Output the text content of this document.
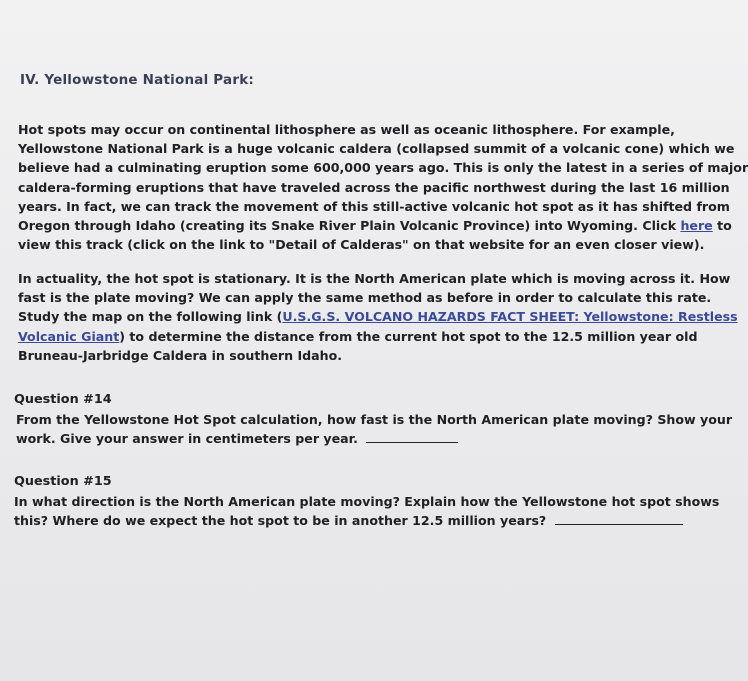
IV. Yellowstone National Park:
Hot spots may occur on continental lithosphere as well as oceanic lithosphere. For example,
Yellowstone National Park is a huge volcanic caldera (collapsed summit of a volcanic cone) which we
believe had a culminating eruption some 600,000 years ago. This is only the latest in a series of major
caldera-forming eruptions that have traveled across the pacific northwest during the last 16 million
years. In fact, we can track the movement of this still-active volcanic hot spot as it has shifted from
Oregon through Idaho (creating its Snake River Plain Volcanic Province) into Wyoming. Click here to
view this track (click on the link to "Detail of Calderas" on that website for an even closer view).
In actuality, the hot spot is stationary. It is the North American plate which is moving across it. How
fast is the plate moving? We can apply the same method as before in order to calculate this rate.
Study the map on the following link (U.S.G.S. VOLCANO HAZARDS FACT SHEET: Yellowstone: Restless
Volcanic Giant) to determine the distance from the current hot spot to the 12.5 million year old
Bruneau-Jarbridge Caldera in southern Idaho.
Question #14
From the Yellowstone Hot Spot calculation, how fast is the North American plate moving? Show your
work. Give your answer in centimeters per year.
Question #15
In what direction is the North American plate moving? Explain how the Yellowstone hot spot shows
this? Where do we expect the hot spot to be in another 12.5 million years?
